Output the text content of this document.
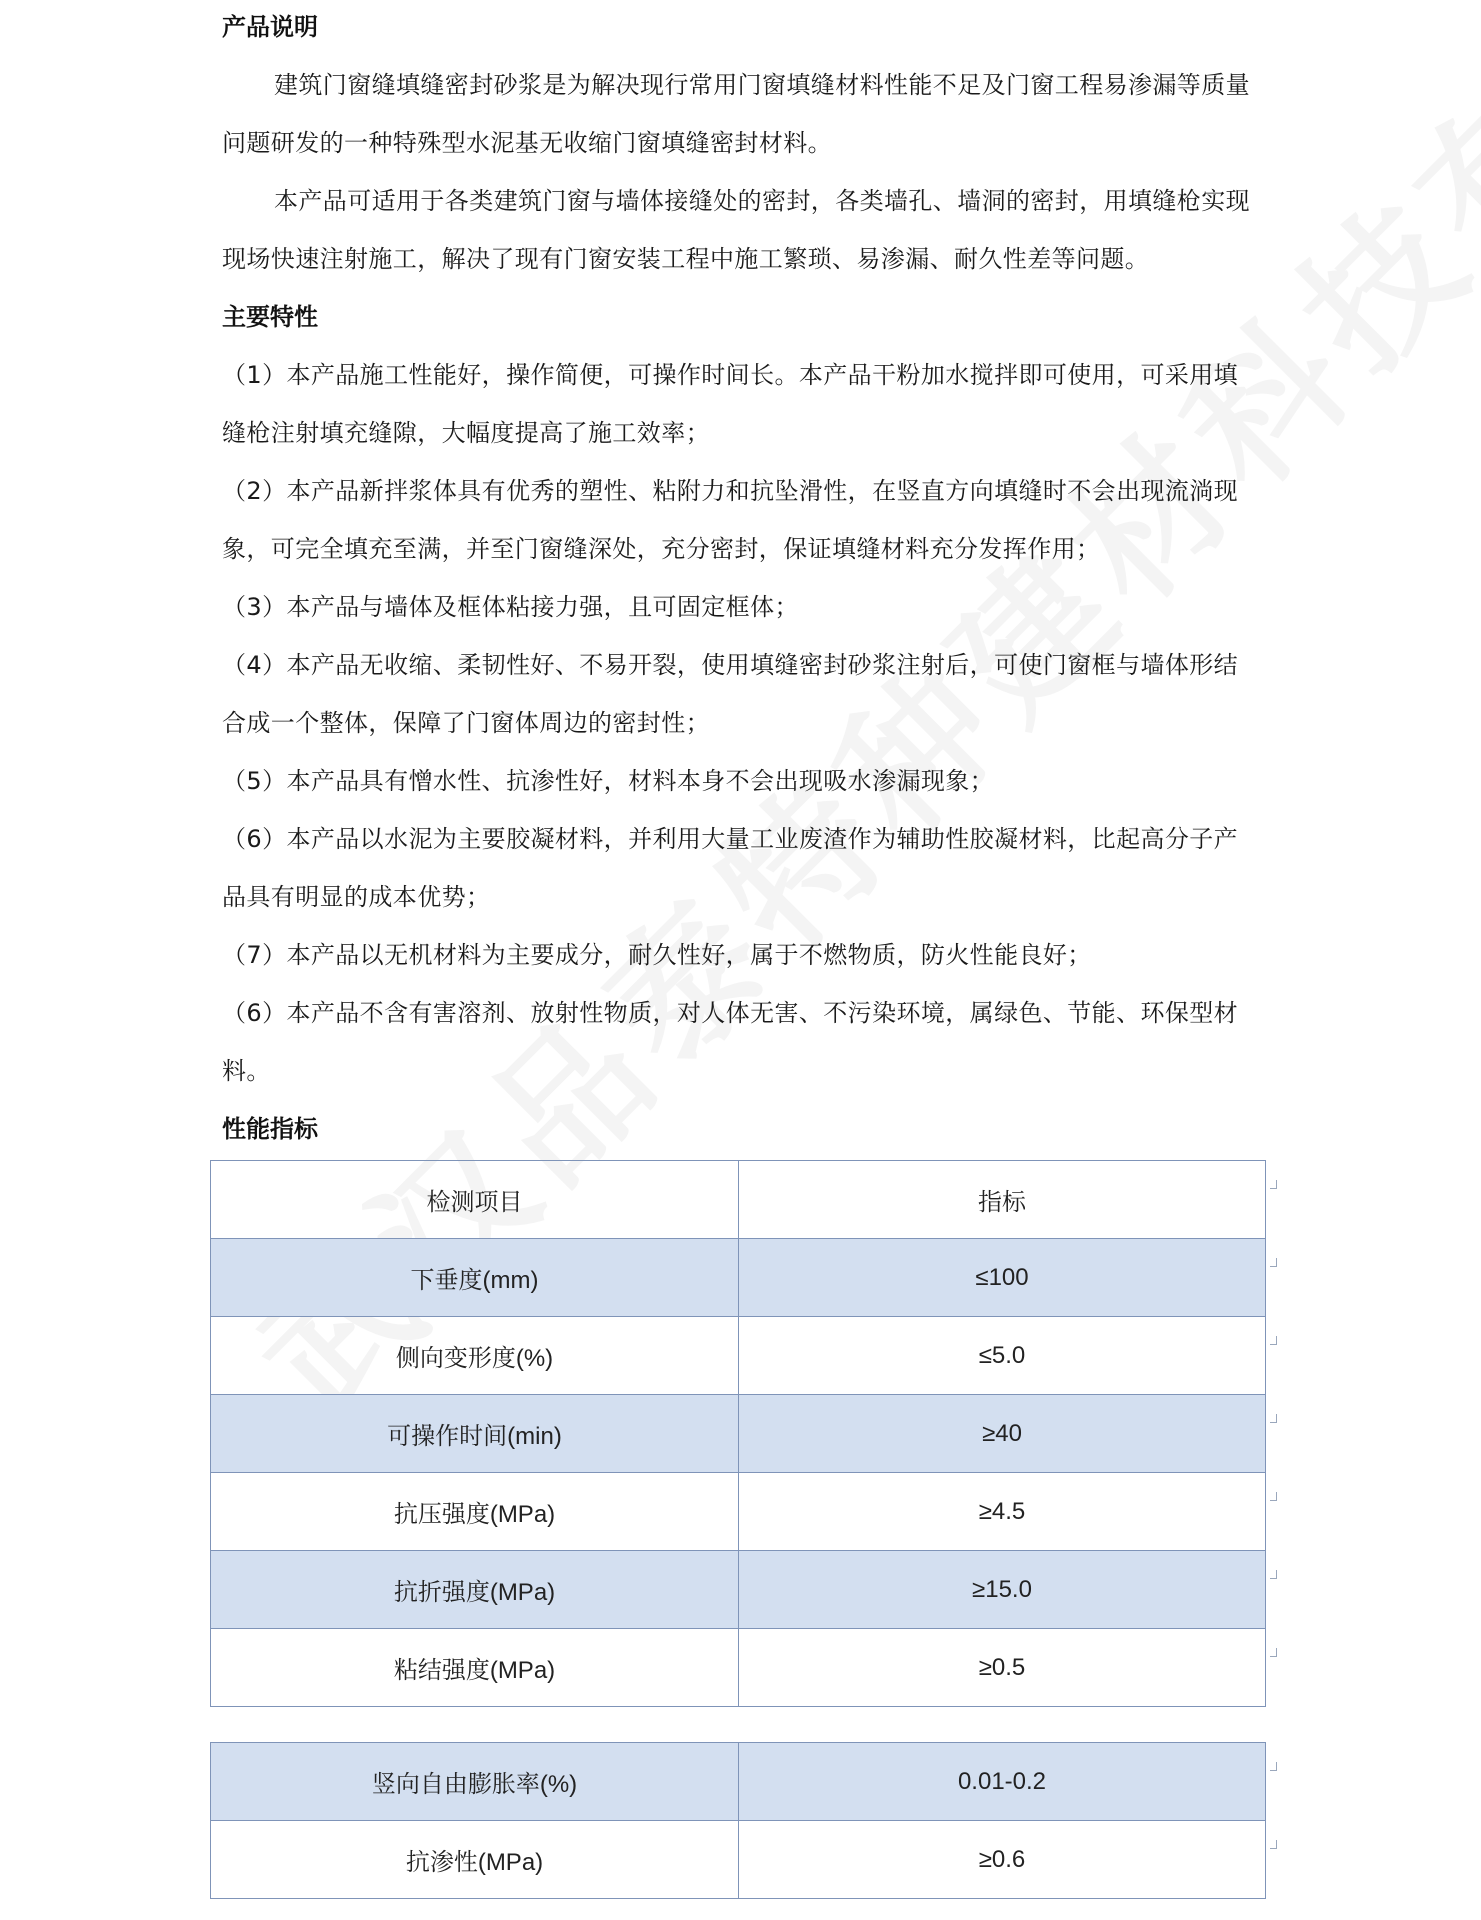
产品说明

建筑门窗缝填缝密封砂浆是为解决现行常用门窗填缝材料性能不足及门窗工程易渗漏等质量问题研发的一种特殊型水泥基无收缩门窗填缝密封材料。

本产品可适用于各类建筑门窗与墙体接缝处的密封，各类墙孔、墙洞的密封，用填缝枪实现现场快速注射施工，解决了现有门窗安装工程中施工繁琐、易渗漏、耐久性差等问题。

主要特性

（1）本产品施工性能好，操作简便，可操作时间长。本产品干粉加水搅拌即可使用，可采用填缝枪注射填充缝隙，大幅度提高了施工效率；

（2）本产品新拌浆体具有优秀的塑性、粘附力和抗坠滑性，在竖直方向填缝时不会出现流淌现象，可完全填充至满，并至门窗缝深处，充分密封，保证填缝材料充分发挥作用；

（3）本产品与墙体及框体粘接力强，且可固定框体；

（4）本产品无收缩、柔韧性好、不易开裂，使用填缝密封砂浆注射后，可使门窗框与墙体形结合成一个整体，保障了门窗体周边的密封性；

（5）本产品具有憎水性、抗渗性好，材料本身不会出现吸水渗漏现象；

（6）本产品以水泥为主要胶凝材料，并利用大量工业废渣作为辅助性胶凝材料，比起高分子产品具有明显的成本优势；

（7）本产品以无机材料为主要成分，耐久性好，属于不燃物质，防火性能良好；

（6）本产品不含有害溶剂、放射性物质，对人体无害、不污染环境，属绿色、节能、环保型材料。

性能指标
检测项目	指标
下垂度(mm)	≤100
侧向变形度(%)	≤5.0
可操作时间(min)	≥40
抗压强度(MPa)	≥4.5
抗折强度(MPa)	≥15.0
粘结强度(MPa)	≥0.5
竖向自由膨胀率(%)	0.01-0.2
抗渗性(MPa)	≥0.6
